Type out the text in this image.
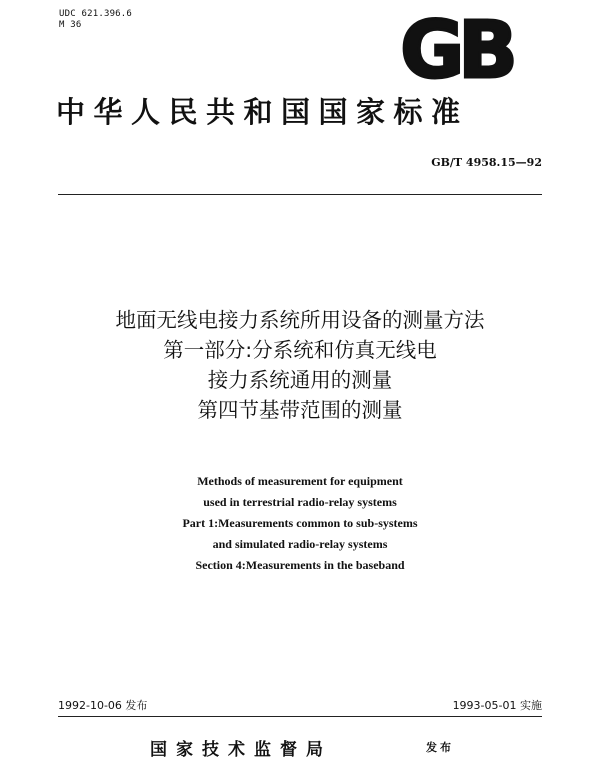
UDC 621.396.6
M 36	GB
中华人民共和国国家标准
GB/T 4958.15—92
地面无线电接力系统所用设备的测量方法
第一部分:分系统和仿真无线电
接力系统通用的测量
第四节基带范围的测量
Methods of measurement for equipment
used in terrestrial radio-relay systems
Part 1:Measurements common to sub-systems
and simulated radio-relay systems
Section 4:Measurements in the baseband
1992-10-06 发布	1993-05-01 实施
国家技术监督局	发布
